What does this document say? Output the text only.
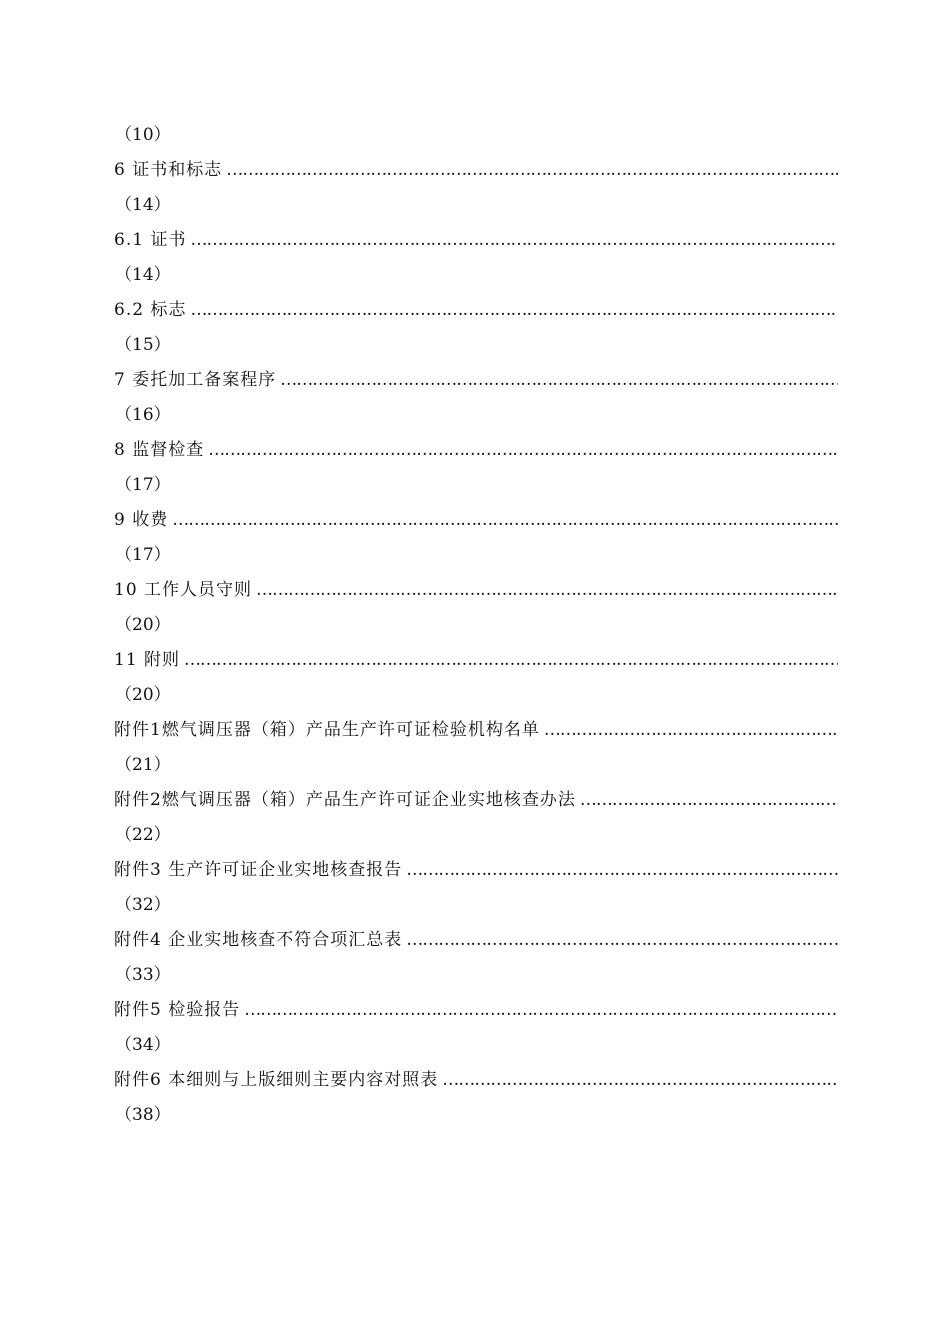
（10）
6 证书和标志
………………………………………………………………………………………………………………………………………………………………………………………………
（14）
6.1 证书
………………………………………………………………………………………………………………………………………………………………………………………………
（14）
6.2 标志
………………………………………………………………………………………………………………………………………………………………………………………………
（15）
7 委托加工备案程序
………………………………………………………………………………………………………………………………………………………………………………………………
（16）
8 监督检查
………………………………………………………………………………………………………………………………………………………………………………………………
（17）
9 收费
………………………………………………………………………………………………………………………………………………………………………………………………
（17）
10 工作人员守则
………………………………………………………………………………………………………………………………………………………………………………………………
（20）
11 附则
………………………………………………………………………………………………………………………………………………………………………………………………
（20）
附件1燃气调压器（箱）产品生产许可证检验机构名单
………………………………………………………………………………………………………………………………………………………………………………………………
（21）
附件2燃气调压器（箱）产品生产许可证企业实地核查办法
………………………………………………………………………………………………………………………………………………………………………………………………
（22）
附件3 生产许可证企业实地核查报告
………………………………………………………………………………………………………………………………………………………………………………………………
（32）
附件4 企业实地核查不符合项汇总表
………………………………………………………………………………………………………………………………………………………………………………………………
（33）
附件5 检验报告
………………………………………………………………………………………………………………………………………………………………………………………………
（34）
附件6 本细则与上版细则主要内容对照表
………………………………………………………………………………………………………………………………………………………………………………………………
（38）
